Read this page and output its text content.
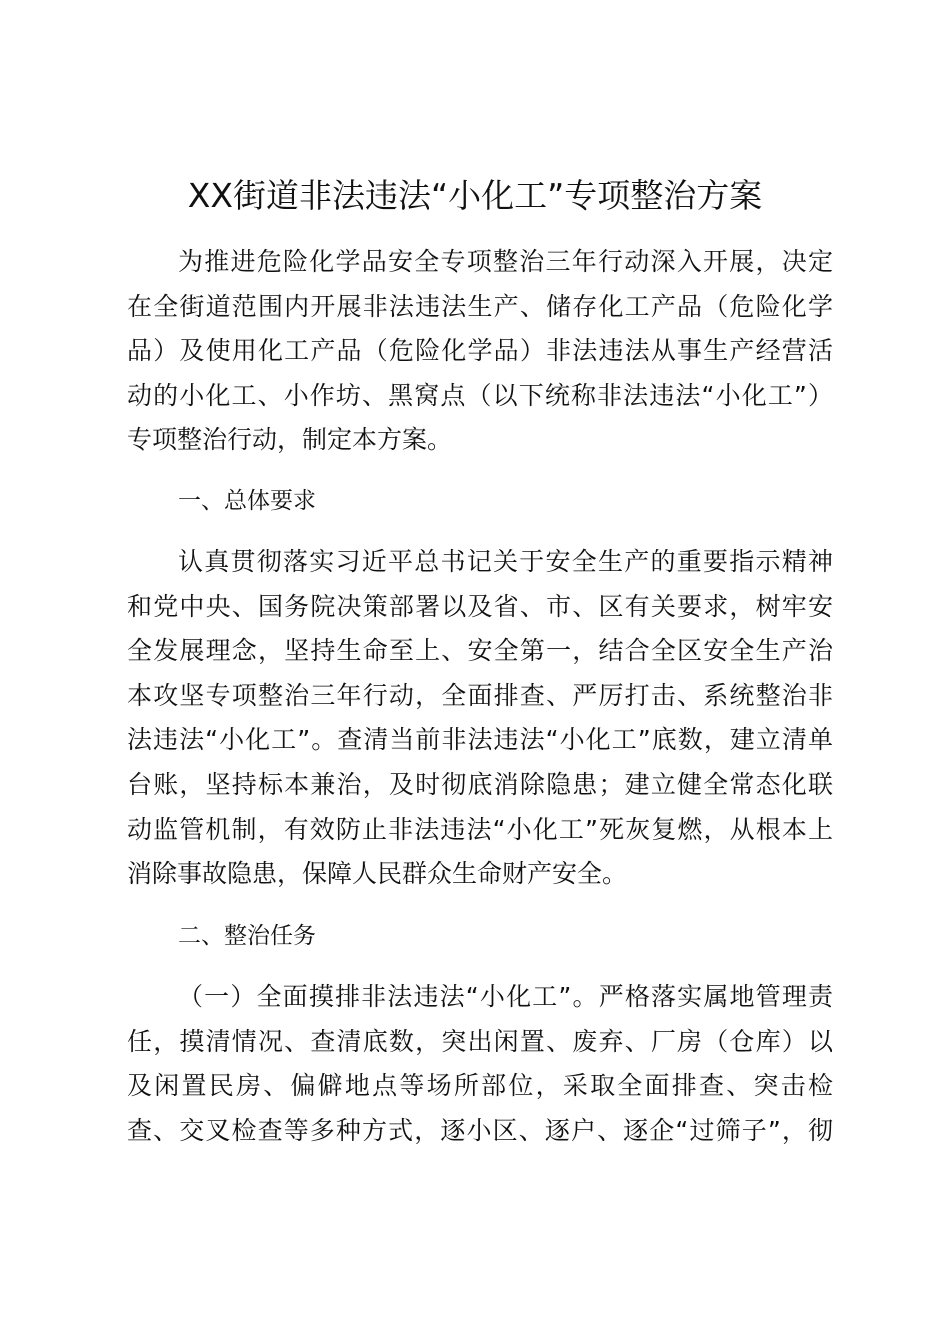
XX街道非法违法“小化工”专项整治方案
为推进危险化学品安全专项整治三年行动深入开展，决定
在全街道范围内开展非法违法生产、储存化工产品（危险化学
品）及使用化工产品（危险化学品）非法违法从事生产经营活
动的小化工、小作坊、黑窝点（以下统称非法违法“小化工”）
专项整治行动，制定本方案。
一、总体要求
认真贯彻落实习近平总书记关于安全生产的重要指示精神
和党中央、国务院决策部署以及省、市、区有关要求，树牢安
全发展理念，坚持生命至上、安全第一，结合全区安全生产治
本攻坚专项整治三年行动，全面排查、严厉打击、系统整治非
法违法“小化工”。查清当前非法违法“小化工”底数，建立清单
台账，坚持标本兼治，及时彻底消除隐患；建立健全常态化联
动监管机制，有效防止非法违法“小化工”死灰复燃，从根本上
消除事故隐患，保障人民群众生命财产安全。
二、整治任务
（一）全面摸排非法违法“小化工”。严格落实属地管理责
任，摸清情况、查清底数，突出闲置、废弃、厂房（仓库）以
及闲置民房、偏僻地点等场所部位，采取全面排查、突击检
查、交叉检查等多种方式，逐小区、逐户、逐企“过筛子”，彻
